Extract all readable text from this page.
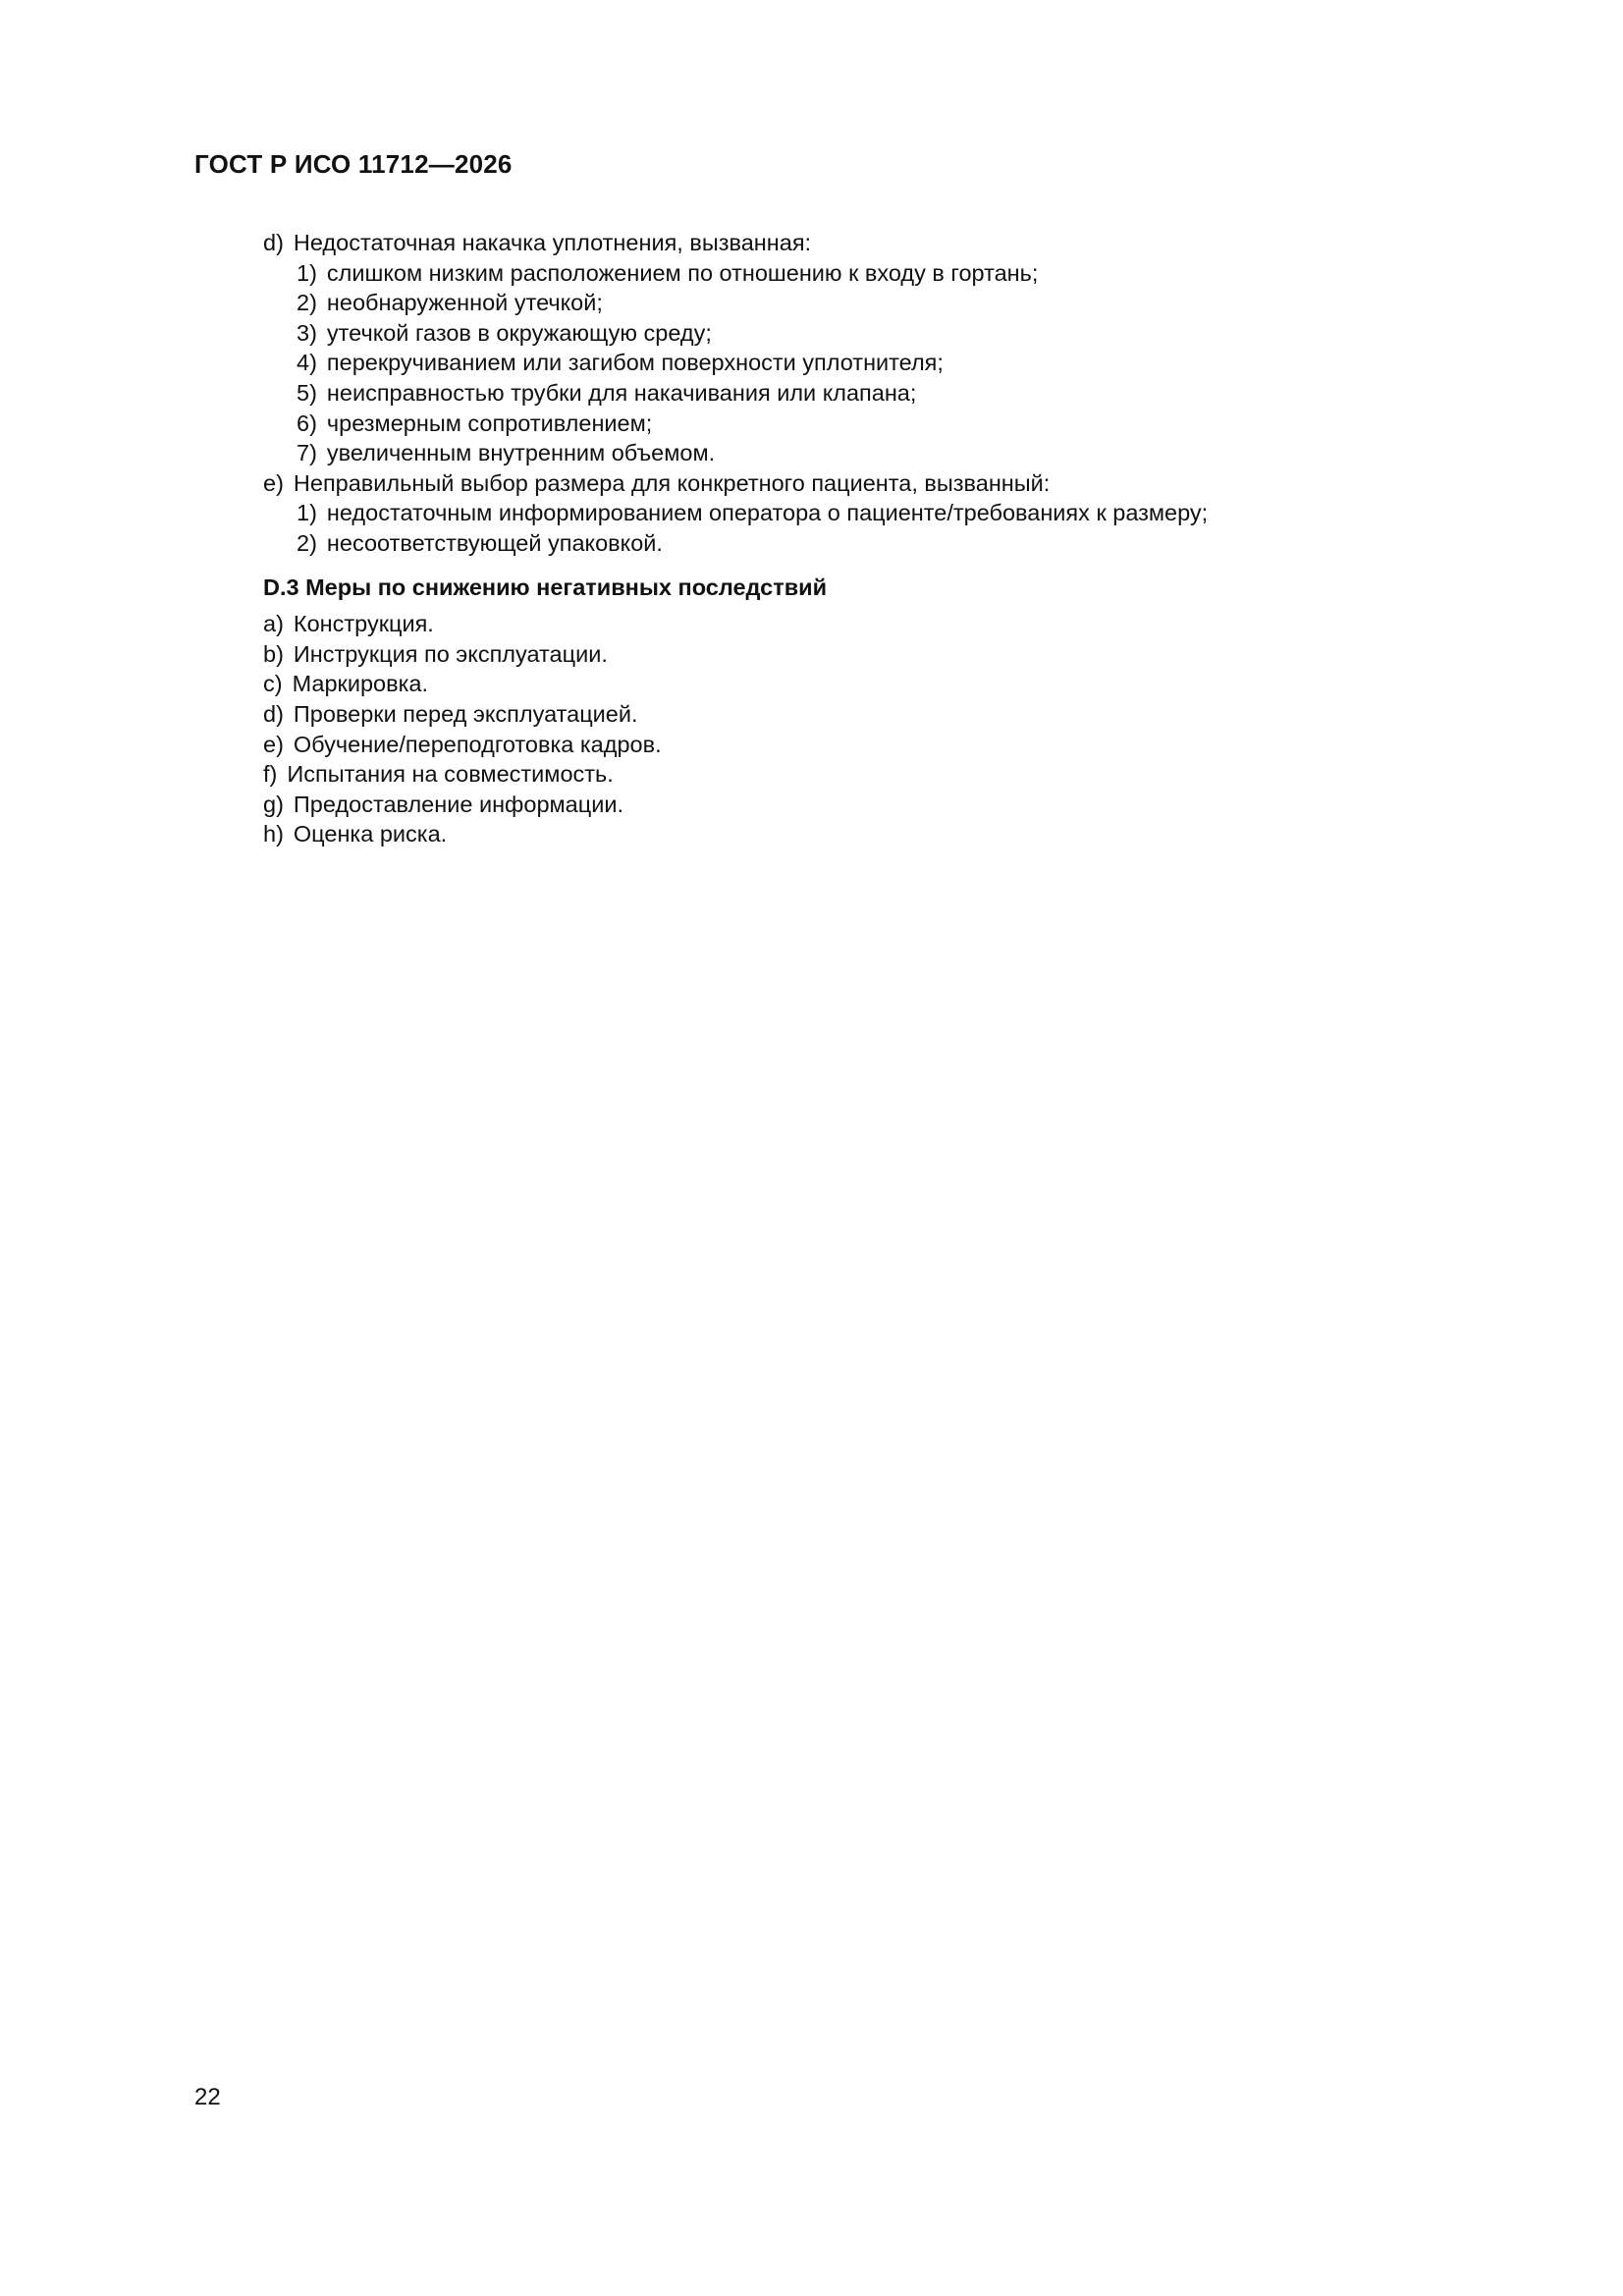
ГОСТ Р ИСО 11712—2026
d) Недостаточная накачка уплотнения, вызванная:
1) слишком низким расположением по отношению к входу в гортань;
2) необнаруженной утечкой;
3) утечкой газов в окружающую среду;
4) перекручиванием или загибом поверхности уплотнителя;
5) неисправностью трубки для накачивания или клапана;
6) чрезмерным сопротивлением;
7) увеличенным внутренним объемом.
e) Неправильный выбор размера для конкретного пациента, вызванный:
1) недостаточным информированием оператора о пациенте/требованиях к размеру;
2) несоответствующей упаковкой.
D.3 Меры по снижению негативных последствий
a) Конструкция.
b) Инструкция по эксплуатации.
c) Маркировка.
d) Проверки перед эксплуатацией.
e) Обучение/переподготовка кадров.
f) Испытания на совместимость.
g) Предоставление информации.
h) Оценка риска.
22
